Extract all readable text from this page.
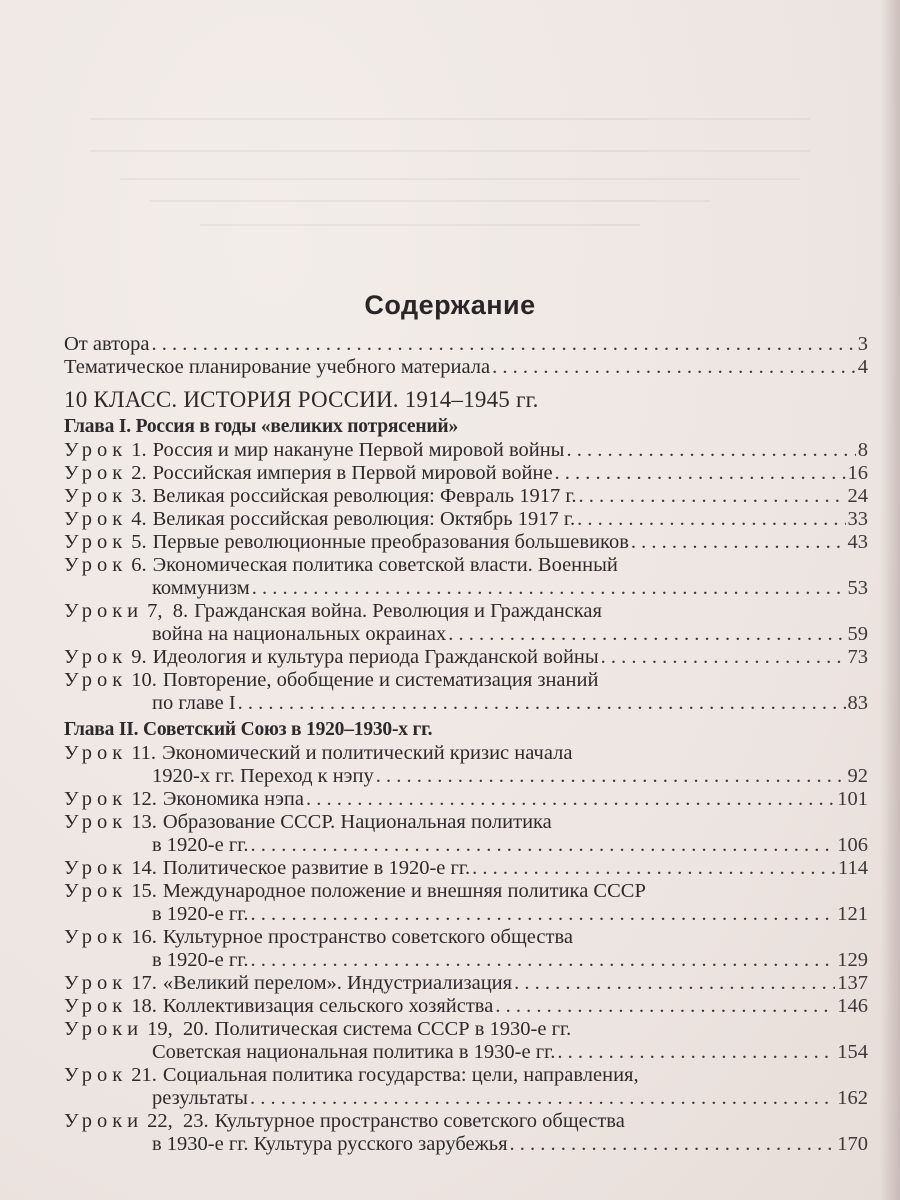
Содержание
От автора . . .	3
Тематическое планирование учебного материала . . .	4
10 КЛАСС. ИСТОРИЯ РОССИИ. 1914–1945 гг.
Глава I. Россия в годы «великих потрясений»
Урок 1. Россия и мир накануне Первой мировой войны . . .	8
Урок 2. Российская империя в Первой мировой войне . . .	16
Урок 3. Великая российская революция: Февраль 1917 г. . . .	24
Урок 4. Великая российская революция: Октябрь 1917 г. . . .	33
Урок 5. Первые революционные преобразования большевиков . . .	43
Урок 6. Экономическая политика советской власти. Военный
коммунизм . . .	53
Уроки 7,  8. Гражданская война. Революция и Гражданская
война на национальных окраинах . . .	59
Урок 9. Идеология и культура периода Гражданской войны . . .	73
Урок 10. Повторение, обобщение и систематизация знаний
по главе I . . .	83
Глава II. Советский Союз в 1920–1930-х гг.
Урок 11. Экономический и политический кризис начала
1920-х гг. Переход к нэпу . . .	92
Урок 12. Экономика нэпа . . .	101
Урок 13. Образование СССР. Национальная политика
в 1920-е гг. . . .	106
Урок 14. Политическое развитие в 1920-е гг. . . .	114
Урок 15. Международное положение и внешняя политика СССР
в 1920-е гг. . . .	121
Урок 16. Культурное пространство советского общества
в 1920-е гг. . . .	129
Урок 17. «Великий перелом». Индустриализация . . .	137
Урок 18. Коллективизация сельского хозяйства . . .	146
Уроки 19,  20. Политическая система СССР в 1930-е гг.
Советская национальная политика в 1930-е гг. . . .	154
Урок 21. Социальная политика государства: цели, направления,
результаты . . .	162
Уроки 22,  23. Культурное пространство советского общества
в 1930-е гг. Культура русского зарубежья . . .	170
